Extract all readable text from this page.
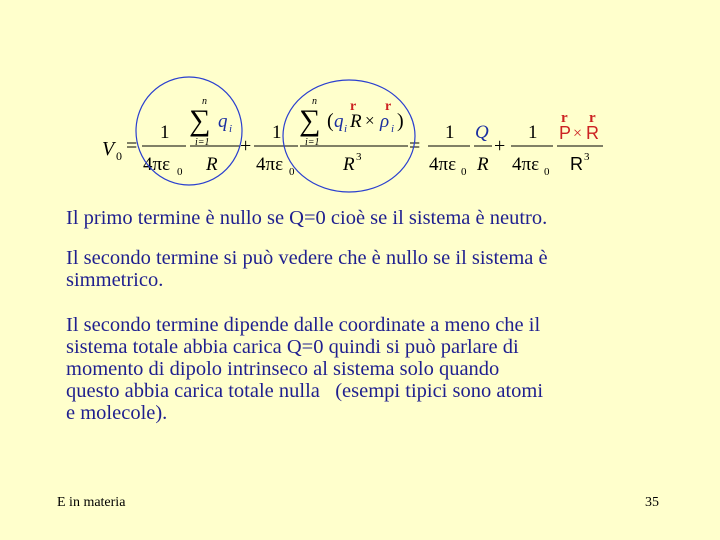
V 0 =
1
4πε 0
n
∑
i=1
q i
R
+
1
4πε 0
n
∑
i=1
( q i
r
R ×
r
ρ i )
R 3 =
1
4πε 0
Q
R
+
1
4πε 0
r
P ×
r
R
R 3

Il primo termine è nullo se Q=0 cioè se il sistema è neutro.

Il secondo termine si può vedere che è nullo se il sistema è
simmetrico.

Il secondo termine dipende dalle coordinate a meno che il
sistema totale abbia carica Q=0 quindi si può parlare di
momento di dipolo intrinseco al sistema solo quando
questo abbia carica totale nulla   (esempi tipici sono atomi
e molecole).

E in materia	35
